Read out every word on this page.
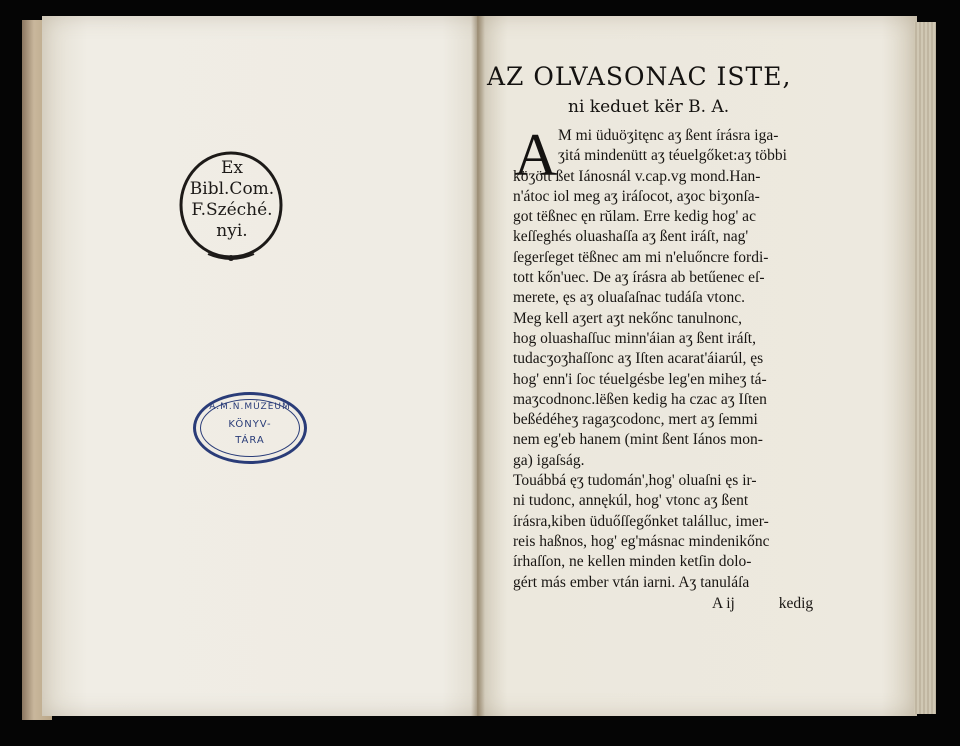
Ex
Bibl.Com.
F.Széché.
nyi.
A.M.N.MÚZEUM
KÖNYV-
TÁRA
AZ OLVASONAC ISTE,
ni keduet kër B. A.
A M mi üduöʒitęnc aʒ ßent írásra iga-
ʒitá mindenütt aʒ téuelgőket:aʒ többi
köʒött ßet Iánosnál v.cap.vg mond.Han-
n'átoc iol meg aʒ iráſocot, aʒoc biʒonſa-
got tëßnec ęn rŭlam. Erre kedig hog' ac
keſſeghés oluashaſſa aʒ ßent iráſt, nag'
ſegerſeget tëßnec am mi n'eluőncre fordi-
tott kőn'uec. De aʒ írásra ab betűenec eſ-
merete, ęs aʒ oluaſaſnac tudáſa vtonc.
Meg kell aʒert aʒt nekőnc tanulnonc,
hog oluashaſſuc minn'áian aʒ ßent iráſt,
tudacʒoʒhaſſonc aʒ Iſten acarat'áiarúl, ęs
hog' enn'i ſoc téuelgésbe leg'en miheʒ tá-
maʒcodnonc.lëßen kedig ha czac aʒ Iſten
beßédéheʒ ragaʒcodonc, mert aʒ ſemmi
nem eg'eb hanem (mint ßent Iános mon-
ga) igaſság.
Touábbá ęʒ tudomán',hog' oluaſni ęs ir-
ni tudonc, annękúl, hog' vtonc aʒ ßent
írásra,kiben üduőſſegőnket találluc, imer-
reis haßnos, hog' eg'másnac mindenikőnc
írhaſſon, ne kellen minden ketſin dolo-
gért más ember vtán iarni. Aʒ tanuláſa
A ij	kedig
